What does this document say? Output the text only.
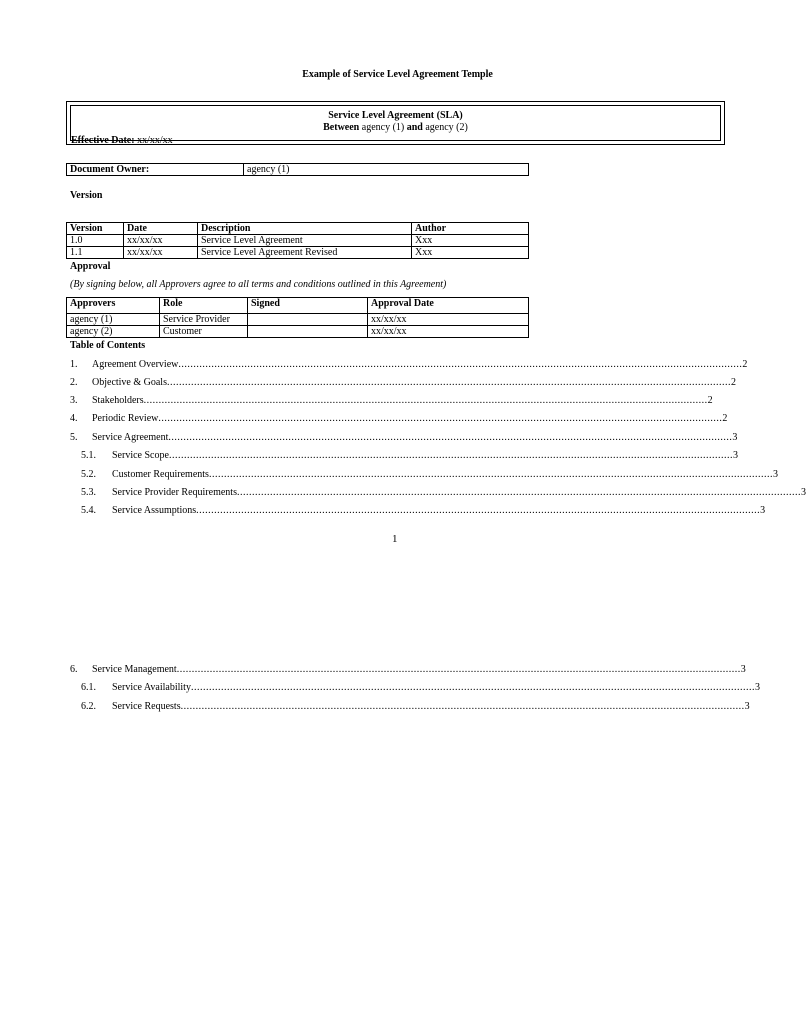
Example of Service Level Agreement Temple
Service Level Agreement (SLA)
Between agency (1) and agency (2)
Effective Date: xx/xx/xx
Document Owner:	agency (1)
Version
Version	Date	Description	Author
1.0	xx/xx/xx	Service Level Agreement	Xxx
1.1	xx/xx/xx	Service Level Agreement Revised	Xxx
Approval
(By signing below, all Approvers agree to all terms and conditions outlined in this Agreement)
Approvers	Role	Signed	Approval Date
agency (1)	Service Provider		xx/xx/xx
agency (2)	Customer		xx/xx/xx
Table of Contents
1.	Agreement Overview ............................................................................................................................................................................................ 2
2.	Objective & Goals ............................................................................................................................................................................................ 2
3.	Stakeholders ............................................................................................................................................................................................ 2
4.	Periodic Review ............................................................................................................................................................................................ 2
5.	Service Agreement ............................................................................................................................................................................................ 3
5.1.	Service Scope ............................................................................................................................................................................................ 3
5.2.	Customer Requirements ............................................................................................................................................................................................ 3
5.3.	Service Provider Requirements ............................................................................................................................................................................................ 3
5.4.	Service Assumptions ............................................................................................................................................................................................ 3
1
6.	Service Management ............................................................................................................................................................................................ 3
6.1.	Service Availability ............................................................................................................................................................................................ 3
6.2.	Service Requests ............................................................................................................................................................................................ 3
